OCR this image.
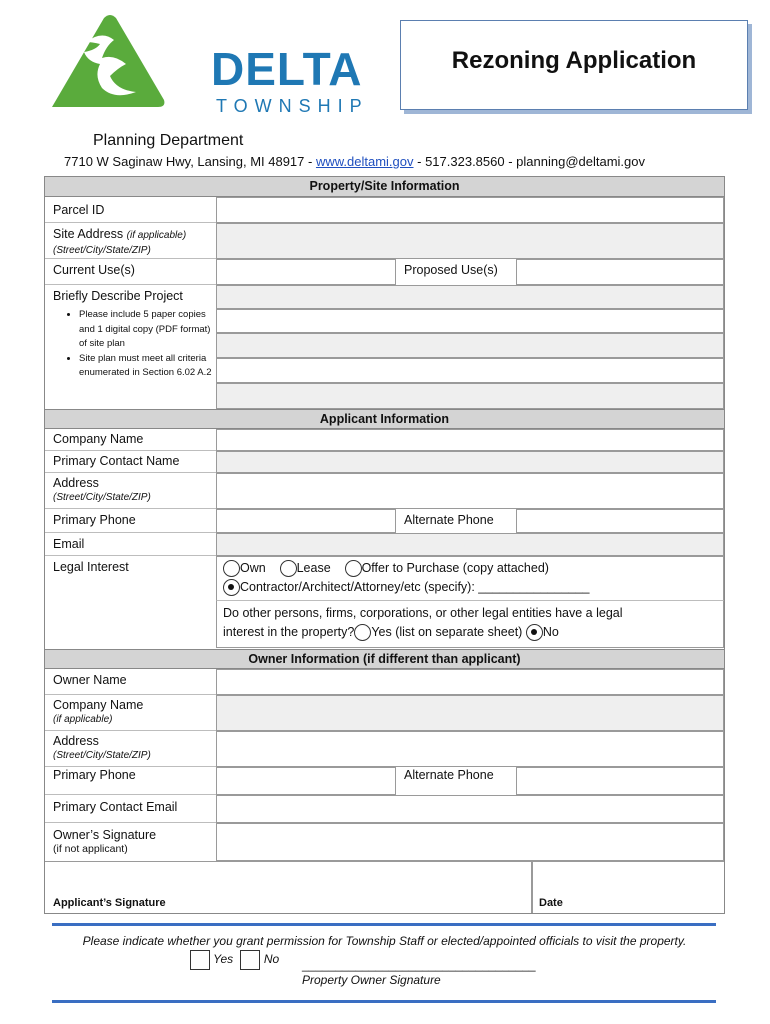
DELTA
TOWNSHIP
Rezoning Application
Planning Department
7710 W Saginaw Hwy, Lansing, MI 48917 - www.deltami.gov - 517.323.8560 - planning@deltami.gov
Property/Site Information
Parcel ID
Site Address (if applicable)
(Street/City/State/ZIP)
Current Use(s)	Proposed Use(s)
Briefly Describe Project
• Please include 5 paper copies and 1 digital copy (PDF format) of site plan
• Site plan must meet all criteria enumerated in Section 6.02 A.2
Applicant Information
Company Name
Primary Contact Name
Address
(Street/City/State/ZIP)
Primary Phone	Alternate Phone
Email
Legal Interest	Own Lease Offer to Purchase (copy attached)
Contractor/Architect/Attorney/etc (specify): ________________
Do other persons, firms, corporations, or other legal entities have a legal
interest in the property? Yes (list on separate sheet) No
Owner Information (if different than applicant)
Owner Name
Company Name
(if applicable)
Address
(Street/City/State/ZIP)
Primary Phone	Alternate Phone
Primary Contact Email
Owner’s Signature
(if not applicant)
Applicant’s Signature	Date
Please indicate whether you grant permission for Township Staff or elected/appointed officials to visit the property.
Yes	No ___________________________________
Property Owner Signature
